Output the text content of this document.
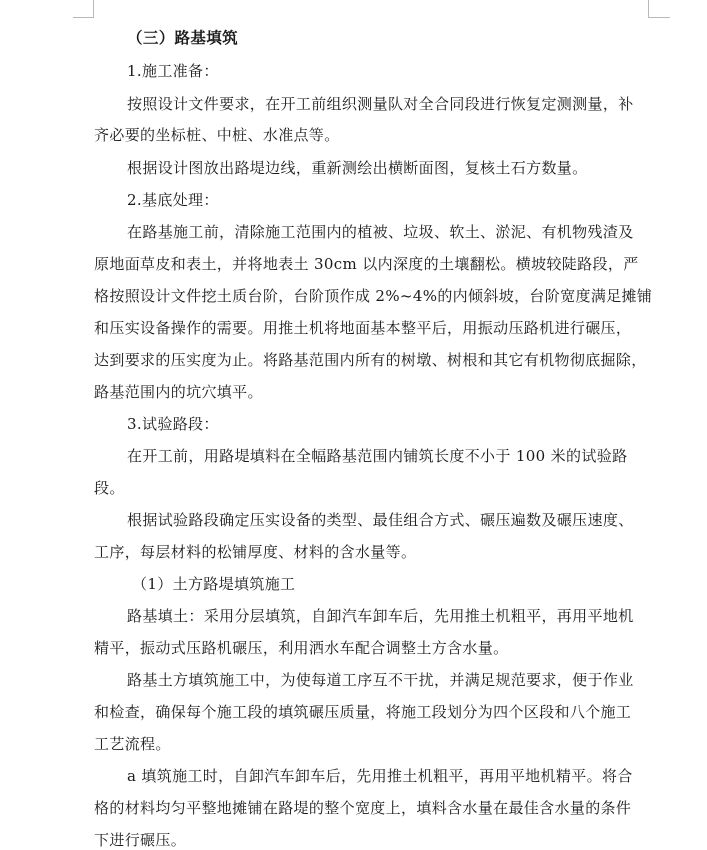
（三）路基填筑
1.施工准备：
按照设计文件要求，在开工前组织测量队对全合同段进行恢复定测测量，补
齐必要的坐标桩、中桩、水准点等。
根据设计图放出路堤边线，重新测绘出横断面图，复核土石方数量。
2.基底处理：
在路基施工前，清除施工范围内的植被、垃圾、软土、淤泥、有机物残渣及
原地面草皮和表土，并将地表土 30cm 以内深度的土壤翻松。横坡较陡路段，严
格按照设计文件挖土质台阶，台阶顶作成 2%~4%的内倾斜坡，台阶宽度满足摊铺
和压实设备操作的需要。用推土机将地面基本整平后，用振动压路机进行碾压，
达到要求的压实度为止。将路基范围内所有的树墩、树根和其它有机物彻底掘除，
路基范围内的坑穴填平。
3.试验路段：
在开工前，用路堤填料在全幅路基范围内铺筑长度不小于 100 米的试验路
段。
根据试验路段确定压实设备的类型、最佳组合方式、碾压遍数及碾压速度、
工序，每层材料的松铺厚度、材料的含水量等。
（1）土方路堤填筑施工
路基填土：采用分层填筑，自卸汽车卸车后，先用推土机粗平，再用平地机
精平，振动式压路机碾压，利用洒水车配合调整土方含水量。
路基土方填筑施工中，为使每道工序互不干扰，并满足规范要求，便于作业
和检查，确保每个施工段的填筑碾压质量，将施工段划分为四个区段和八个施工
工艺流程。
a 填筑施工时，自卸汽车卸车后，先用推土机粗平，再用平地机精平。将合
格的材料均匀平整地摊铺在路堤的整个宽度上，填料含水量在最佳含水量的条件
下进行碾压。
